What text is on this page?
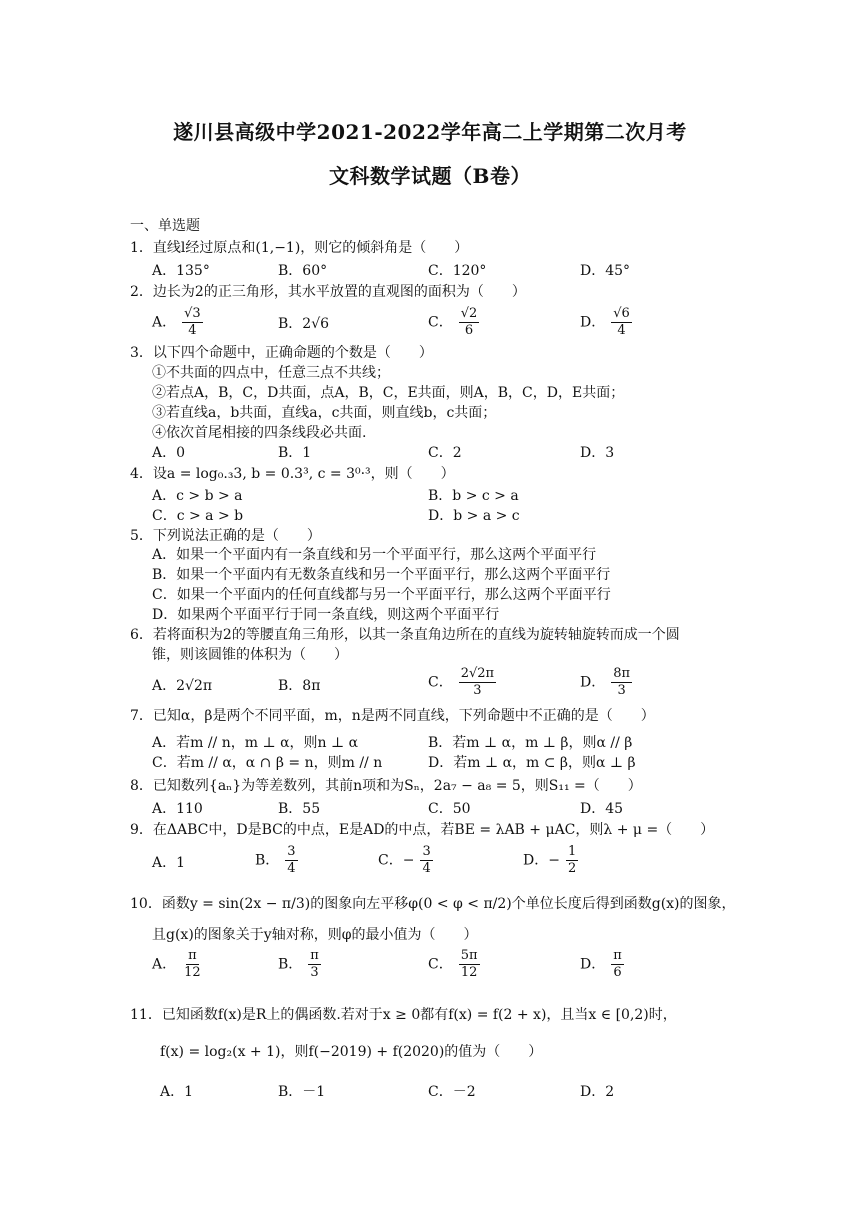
遂川县高级中学2021-2022学年高二上学期第二次月考
文科数学试题（B卷）
一、单选题
1．直线l经过原点和(1,−1)，则它的倾斜角是（　　）
A．135°	B．60°	C．120°	D．45°
2．边长为2的正三角形，其水平放置的直观图的面积为（　　）
A． $\frac{√3}{4}$	B．2√6	C． $\frac{√2}{6}$	D． $\frac{√6}{4}$
3．以下四个命题中，正确命题的个数是（　　）
①不共面的四点中，任意三点不共线；
②若点A，B，C，D共面，点A，B，C，E共面，则A，B，C，D，E共面；
③若直线a，b共面，直线a，c共面，则直线b，c共面；
④依次首尾相接的四条线段必共面.
A．0	B．1	C．2	D．3
4．设a = log₀.₃3, b = 0.3³, c = 3⁰·³，则（　　）
A．c > b > a	B．b > c > a
C．c > a > b	D．b > a > c
5．下列说法正确的是（　　）
A．如果一个平面内有一条直线和另一个平面平行，那么这两个平面平行
B．如果一个平面内有无数条直线和另一个平面平行，那么这两个平面平行
C．如果一个平面内的任何直线都与另一个平面平行，那么这两个平面平行
D．如果两个平面平行于同一条直线，则这两个平面平行
6．若将面积为2的等腰直角三角形，以其一条直角边所在的直线为旋转轴旋转而成一个圆
锥，则该圆锥的体积为（　　）
A．2√2π	B．8π	C． $\frac{2√2\pi}{3}$	D． $\frac{8\pi}{3}$
7．已知α，β是两个不同平面，m，n是两不同直线，下列命题中不正确的是（　　）
A．若m // n，m ⊥ α，则n ⊥ α	B．若m ⊥ α，m ⊥ β，则α // β
C．若m // α，α ∩ β = n，则m // n	D．若m ⊥ α，m ⊂ β，则α ⊥ β
8．已知数列{aₙ}为等差数列，其前n项和为Sₙ，2a₇ − a₈ = 5，则S₁₁ =（　　）
A．110	B．55	C．50	D．45
9．在ΔABC中，D是BC的中点，E是AD的中点，若BE = λAB + μAC，则λ + μ =（　　）
A．1	B． $\frac{3}{4}$	C．− $\frac{3}{4}$	D．− $\frac{1}{2}$
10．函数y = sin(2x − π/3)的图象向左平移φ(0 < φ < π/2)个单位长度后得到函数g(x)的图象，
且g(x)的图象关于y轴对称，则φ的最小值为（　　）
A． $\frac{\pi}{12}$	B． $\frac{\pi}{3}$	C． $\frac{5\pi}{12}$	D． $\frac{\pi}{6}$
11．已知函数f(x)是R上的偶函数.若对于x ≥ 0都有f(x) = f(2 + x)，且当x ∈ [0,2)时，
f(x) = log₂(x + 1)，则f(−2019) + f(2020)的值为（　　）
A．1	B．－1	C．－2	D．2
